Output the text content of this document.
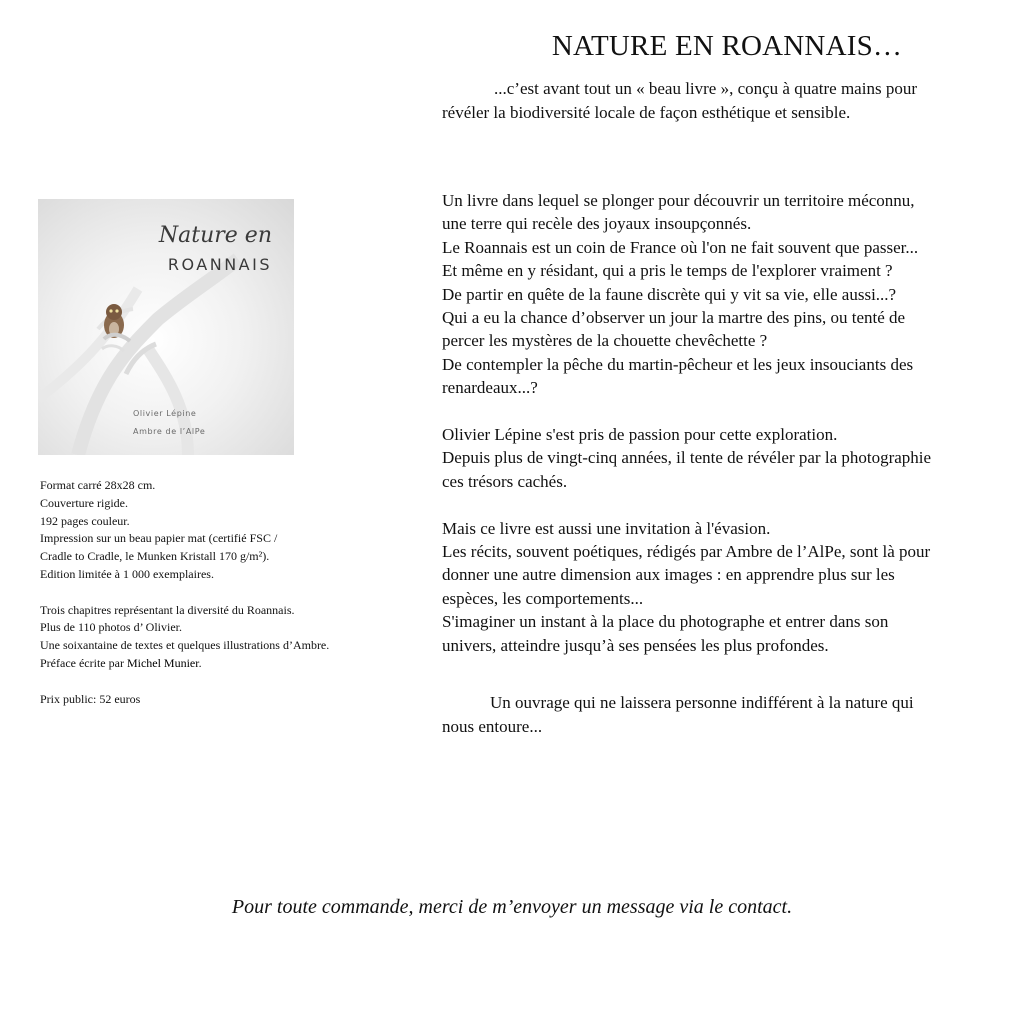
NATURE EN ROANNAIS…
...c’est avant tout un « beau livre », conçu à quatre mains pour
révéler la biodiversité locale de façon esthétique et sensible.
Nature en
ROANNAIS
Olivier Lépine
Ambre de l’AlPe

Format carré 28x28 cm.

Couverture rigide.

192 pages couleur.

Impression sur un beau papier mat (certifié FSC /

Cradle to Cradle, le Munken Kristall 170 g/m²).

Edition limitée à 1 000 exemplaires.

Trois chapitres représentant la diversité du Roannais.

Plus de 110 photos d’ Olivier.

Une soixantaine de textes et quelques illustrations d’Ambre.

Préface écrite par Michel Munier.

Prix public: 52 euros

Un livre dans lequel se plonger pour découvrir un territoire méconnu,

une terre qui recèle des joyaux insoupçonnés.

Le Roannais est un coin de France où l'on ne fait souvent que passer...

Et même en y résidant, qui a pris le temps de l'explorer vraiment ?

De partir en quête de la faune discrète qui y vit sa vie, elle aussi...?

Qui a eu la chance d’observer un jour la martre des pins, ou tenté de

percer les mystères de la chouette chevêchette ?

De contempler la pêche du martin-pêcheur et les jeux insouciants des

renardeaux...?

Olivier Lépine s'est pris de passion pour cette exploration.

Depuis plus de vingt-cinq années, il tente de révéler par la photographie

ces trésors cachés.

Mais ce livre est aussi une invitation à l'évasion.

Les récits, souvent poétiques, rédigés par Ambre de l’AlPe, sont là pour

donner une autre dimension aux images : en apprendre plus sur les

espèces, les comportements...

S'imaginer un instant à la place du photographe et entrer dans son

univers, atteindre jusqu’à ses pensées les plus profondes.

Un ouvrage qui ne laissera personne indifférent à la nature qui

nous entoure...

Pour toute commande, merci de m’envoyer un message via le contact.
